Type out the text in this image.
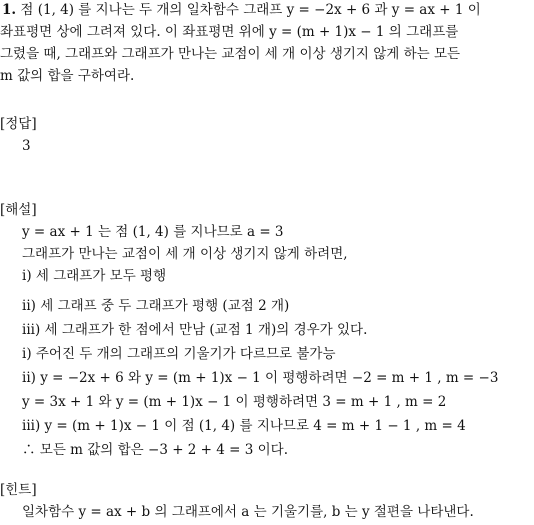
1. 점 (1, 4) 를 지나는 두 개의 일차함수 그래프 y = −2x + 6 과 y = ax + 1 이
좌표평면 상에 그려져 있다. 이 좌표평면 위에 y = (m + 1)x − 1 의 그래프를
그렸을 때, 그래프와 그래프가 만나는 교점이 세 개 이상 생기지 않게 하는 모든
m 값의 합을 구하여라.
[정답]
3
[해설]
y = ax + 1 는 점 (1, 4) 를 지나므로 a = 3
그래프가 만나는 교점이 세 개 이상 생기지 않게 하려면,
i) 세 그래프가 모두 평행
ii) 세 그래프 중 두 그래프가 평행 (교점 2 개)
iii) 세 그래프가 한 점에서 만남 (교점 1 개)의 경우가 있다.
i) 주어진 두 개의 그래프의 기울기가 다르므로 불가능
ii) y = −2x + 6 와 y = (m + 1)x − 1 이 평행하려면 −2 = m + 1 , m = −3
y = 3x + 1 와 y = (m + 1)x − 1 이 평행하려면 3 = m + 1 , m = 2
iii) y = (m + 1)x − 1 이 점 (1, 4) 를 지나므로 4 = m + 1 − 1 , m = 4
∴ 모든 m 값의 합은 −3 + 2 + 4 = 3 이다.
[힌트]
일차함수 y = ax + b 의 그래프에서 a 는 기울기를, b 는 y 절편을 나타낸다.
